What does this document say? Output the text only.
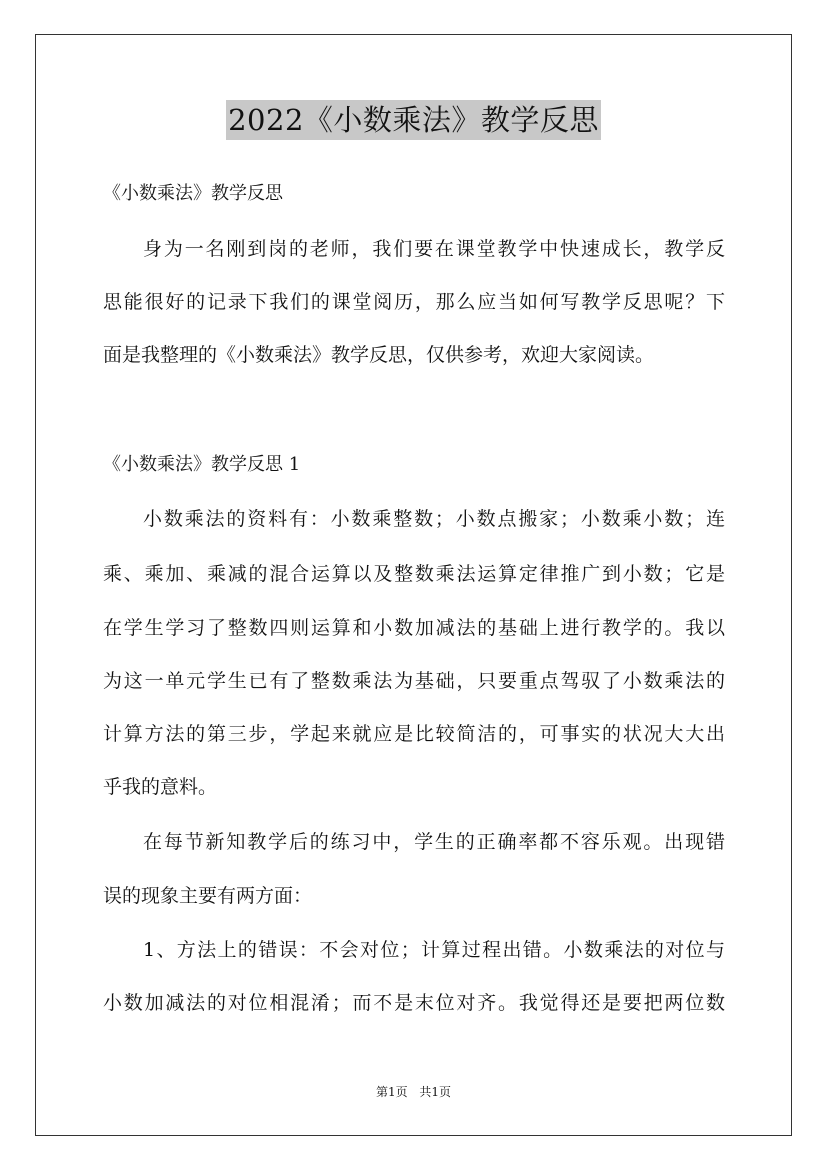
2022《小数乘法》教学反思
《小数乘法》教学反思
身为一名刚到岗的老师，我们要在课堂教学中快速成长，教学反
思能很好的记录下我们的课堂阅历，那么应当如何写教学反思呢？下
面是我整理的《小数乘法》教学反思，仅供参考，欢迎大家阅读。
《小数乘法》教学反思 1
小数乘法的资料有：小数乘整数；小数点搬家；小数乘小数；连
乘、乘加、乘减的混合运算以及整数乘法运算定律推广到小数；它是
在学生学习了整数四则运算和小数加减法的基础上进行教学的。我以
为这一单元学生已有了整数乘法为基础，只要重点驾驭了小数乘法的
计算方法的第三步，学起来就应是比较简洁的，可事实的状况大大出
乎我的意料。
在每节新知教学后的练习中，学生的正确率都不容乐观。出现错
误的现象主要有两方面：
1、方法上的错误：不会对位；计算过程出错。小数乘法的对位与
小数加减法的对位相混淆；而不是末位对齐。我觉得还是要把两位数
第1页 共1页
